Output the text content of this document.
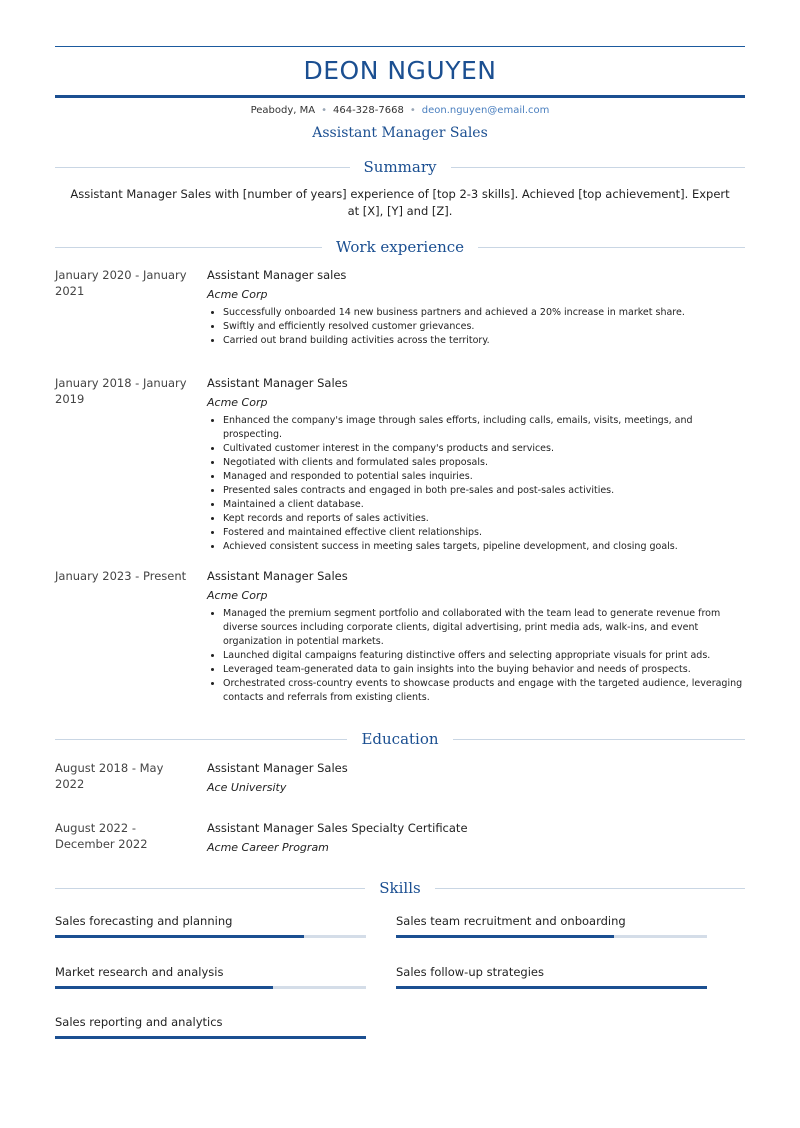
DEON NGUYEN
Peabody, MA • 464-328-7668 • deon.nguyen@email.com
Assistant Manager Sales
Summary
Assistant Manager Sales with [number of years] experience of [top 2-3 skills]. Achieved [top achievement]. Expert at [X], [Y] and [Z].
Work experience
January 2020 - January 2021
Assistant Manager sales
Acme Corp
• Successfully onboarded 14 new business partners and achieved a 20% increase in market share.
• Swiftly and efficiently resolved customer grievances.
• Carried out brand building activities across the territory.
January 2018 - January 2019
Assistant Manager Sales
Acme Corp
• Enhanced the company's image through sales efforts, including calls, emails, visits, meetings, and prospecting.
• Cultivated customer interest in the company's products and services.
• Negotiated with clients and formulated sales proposals.
• Managed and responded to potential sales inquiries.
• Presented sales contracts and engaged in both pre-sales and post-sales activities.
• Maintained a client database.
• Kept records and reports of sales activities.
• Fostered and maintained effective client relationships.
• Achieved consistent success in meeting sales targets, pipeline development, and closing goals.
January 2023 - Present	Assistant Manager Sales
Acme Corp
• Managed the premium segment portfolio and collaborated with the team lead to generate revenue from diverse sources including corporate clients, digital advertising, print media ads, walk-ins, and event organization in potential markets.
• Launched digital campaigns featuring distinctive offers and selecting appropriate visuals for print ads.
• Leveraged team-generated data to gain insights into the buying behavior and needs of prospects.
• Orchestrated cross-country events to showcase products and engage with the targeted audience, leveraging contacts and referrals from existing clients.
Education
August 2018 - May 2022
Assistant Manager Sales
Ace University
August 2022 - December 2022
Assistant Manager Sales Specialty Certificate
Acme Career Program
Skills
Sales forecasting and planning	Sales team recruitment and onboarding
Market research and analysis	Sales follow-up strategies
Sales reporting and analytics
